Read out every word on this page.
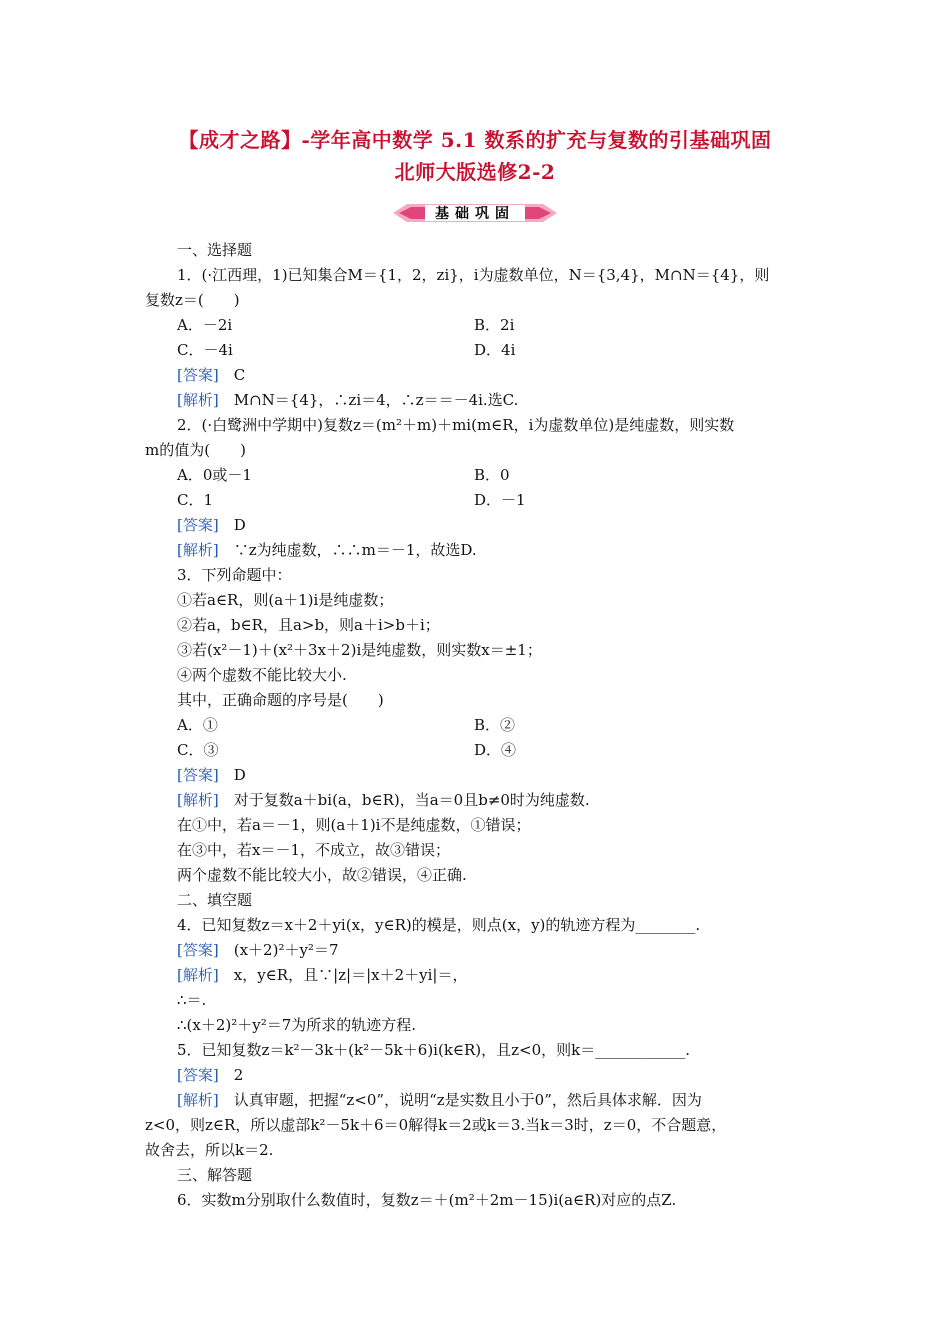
【成才之路】-学年高中数学 5.1 数系的扩充与复数的引基础巩固
北师大版选修2-2
基础巩固
一、选择题
1．(·江西理，1)已知集合M＝{1，2，zi}，i为虚数单位，N＝{3,4}，M∩N＝{4}，则
复数z＝(　　)
A．－2i	B．2i
C．－4i	D．4i
[答案]　 C
[解析]　 M∩N＝{4}，∴zi＝4，∴z＝＝－4i.选C.
2．(·白鹭洲中学期中)复数z＝(m²＋m)＋mi(m∈R，i为虚数单位)是纯虚数，则实数
m的值为(　　)
A．0或－1	B．0
C．1	D．－1
[答案]　 D
[解析]　 ∵z为纯虚数，∴∴m＝－1，故选D.
3．下列命题中：
①若a∈R，则(a＋1)i是纯虚数；
②若a，b∈R，且a>b，则a＋i>b＋i；
③若(x²－1)＋(x²＋3x＋2)i是纯虚数，则实数x＝±1；
④两个虚数不能比较大小.
其中，正确命题的序号是(　　)
A．①	B．②
C．③	D．④
[答案]　 D
[解析]　 对于复数a＋bi(a，b∈R)，当a＝0且b≠0时为纯虚数.
在①中，若a＝－1，则(a＋1)i不是纯虚数，①错误；
在③中，若x＝－1，不成立，故③错误；
两个虚数不能比较大小，故②错误，④正确.
二、填空题
4．已知复数z＝x＋2＋yi(x，y∈R)的模是，则点(x，y)的轨迹方程为________.
[答案]　 (x＋2)²＋y²＝7
[解析]　 x，y∈R，且∵|z|＝|x＋2＋yi|＝，
∴＝.
∴(x＋2)²＋y²＝7为所求的轨迹方程.
5．已知复数z＝k²－3k＋(k²－5k＋6)i(k∈R)，且z<0，则k＝____________.
[答案]　 2
[解析]　 认真审题，把握“z<0”，说明“z是实数且小于0”，然后具体求解．因为
z<0，则z∈R，所以虚部k²－5k＋6＝0解得k＝2或k＝3.当k＝3时，z＝0，不合题意，
故舍去，所以k＝2.
三、解答题
6．实数m分别取什么数值时，复数z＝＋(m²＋2m－15)i(a∈R)对应的点Z.
